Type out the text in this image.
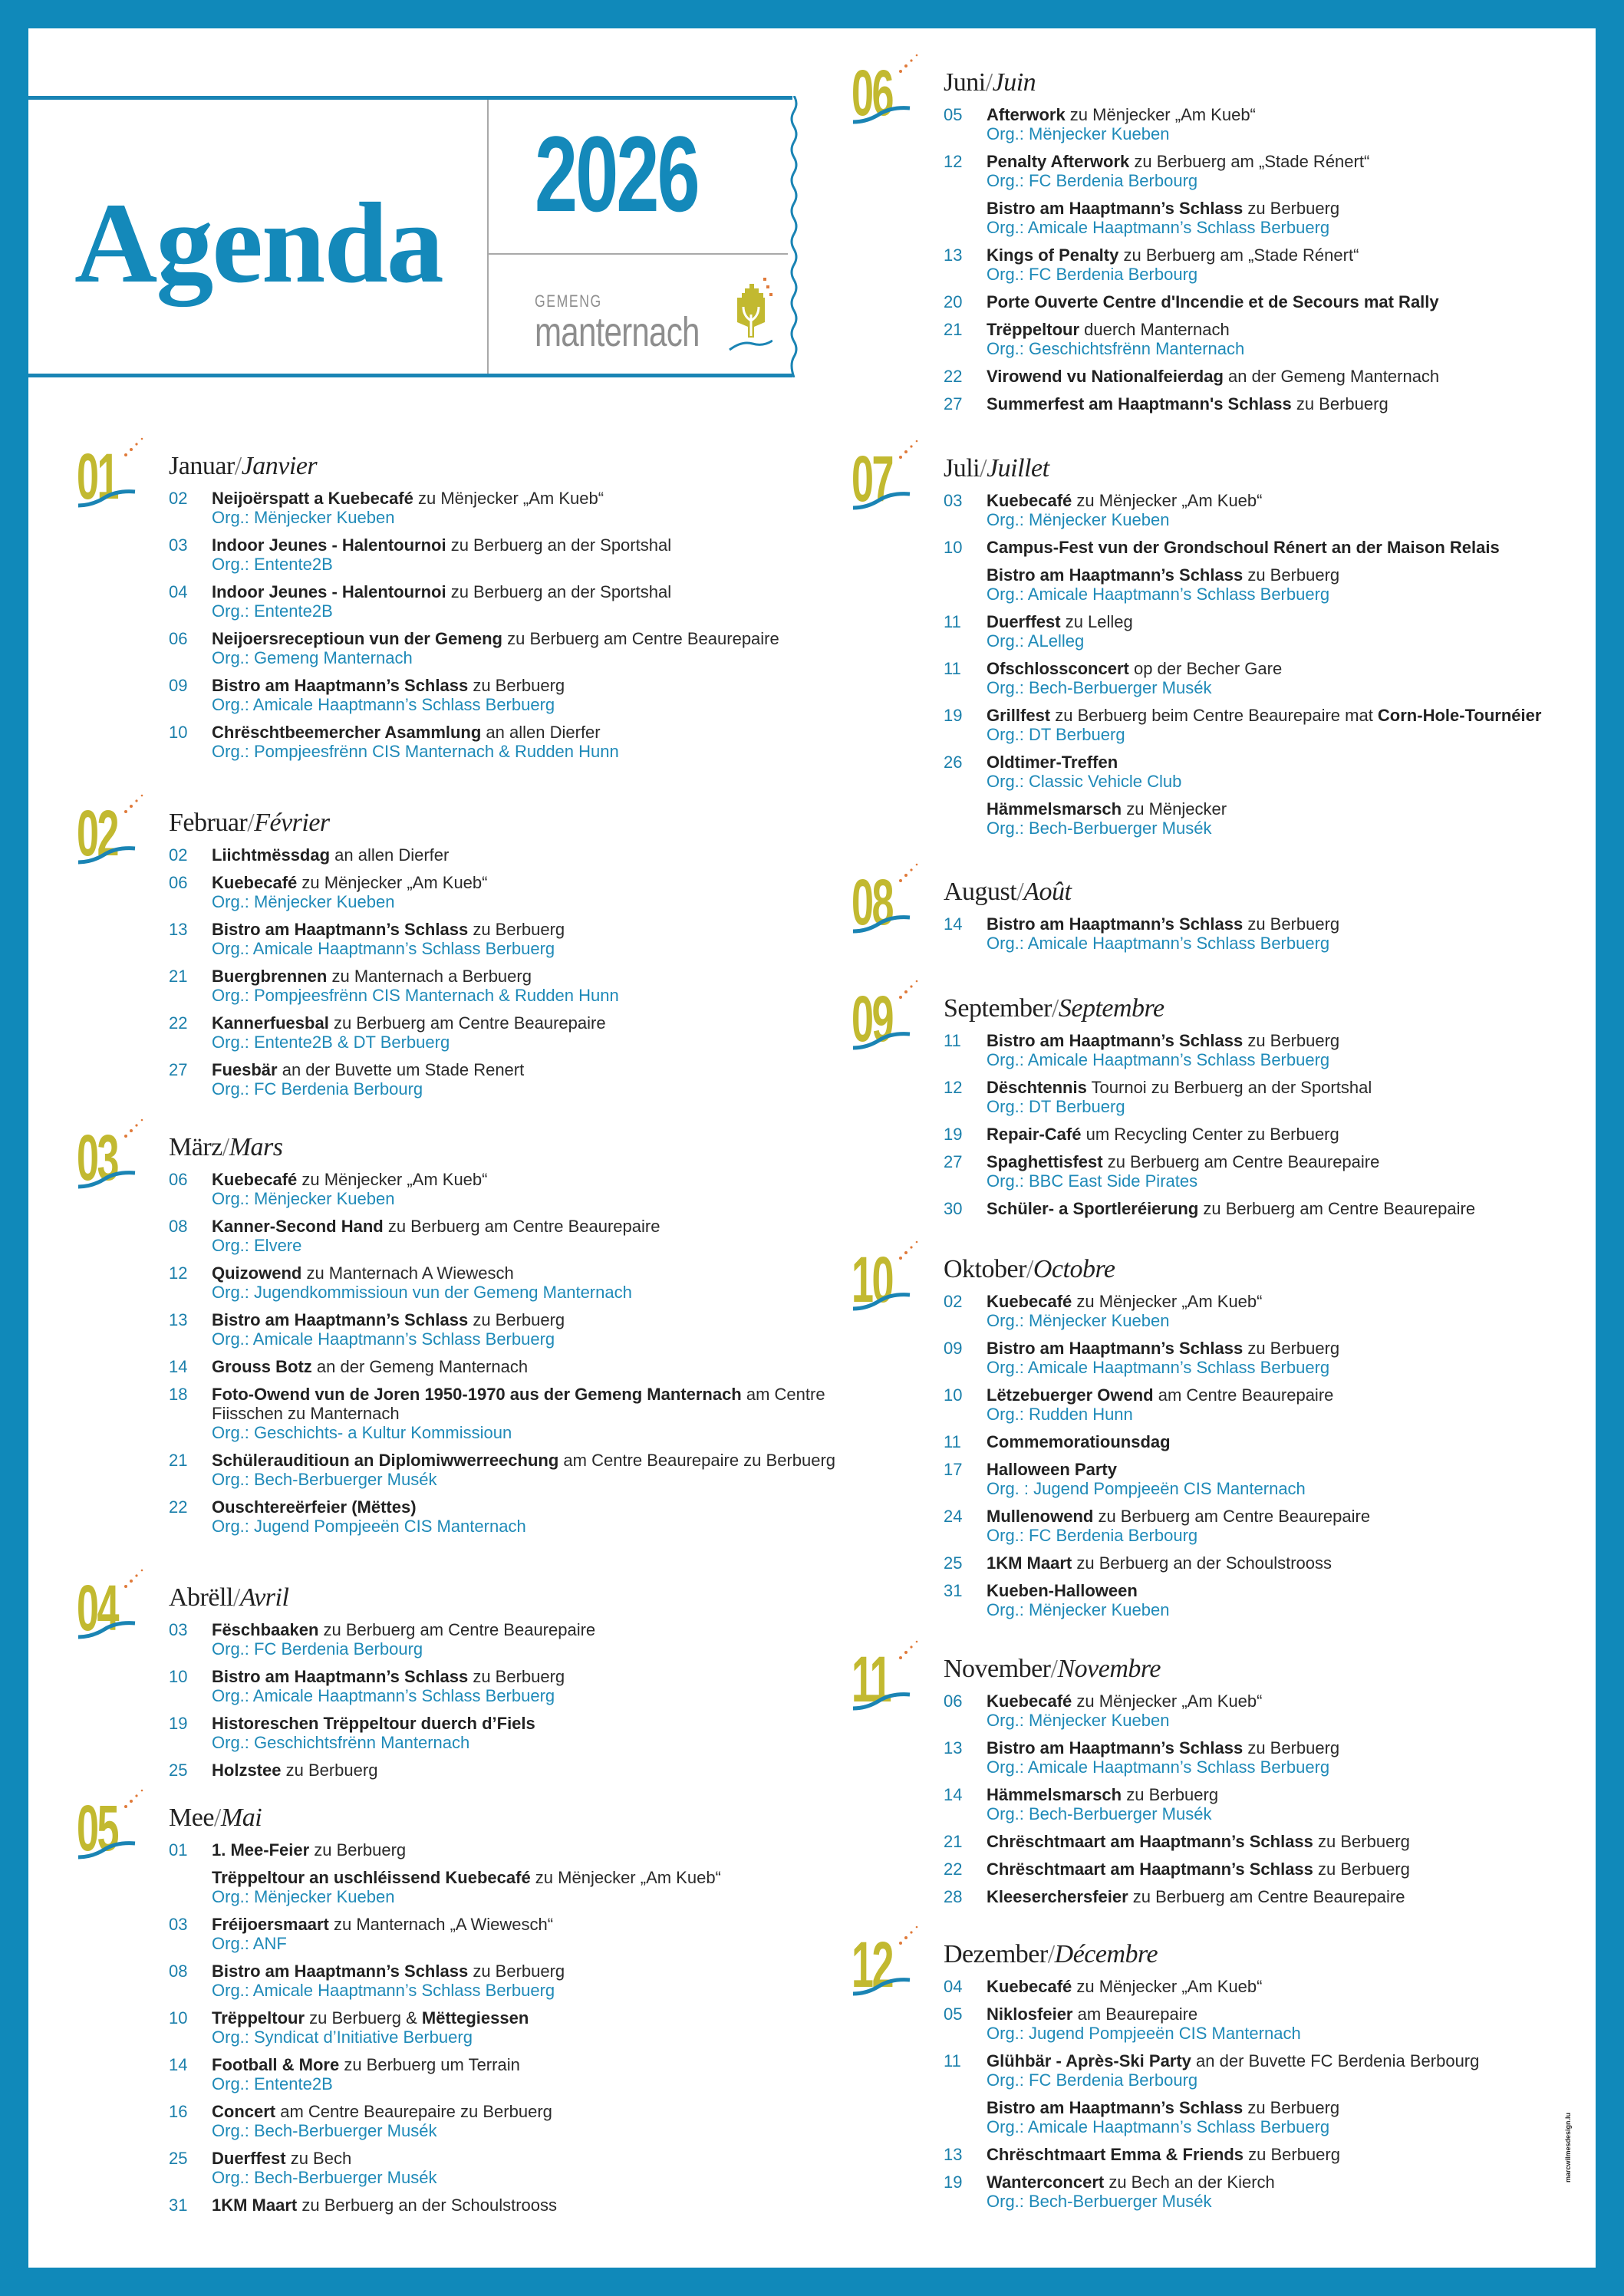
Agenda
2026
GEMENG
manternach
01 Januar/Janvier
02 Neijoërspatt a Kuebecafé zu Mënjecker „Am Kueb“
Org.: Mënjecker Kueben
03 Indoor Jeunes - Halentournoi zu Berbuerg an der Sportshal
Org.: Entente2B
04 Indoor Jeunes - Halentournoi zu Berbuerg an der Sportshal
Org.: Entente2B
06 Neijoersreceptioun vun der Gemeng zu Berbuerg am Centre Beaurepaire
Org.: Gemeng Manternach
09 Bistro am Haaptmann’s Schlass zu Berbuerg
Org.: Amicale Haaptmann’s Schlass Berbuerg
10 Chrëschtbeemercher Asammlung an allen Dierfer
Org.: Pompjeesfrënn CIS Manternach & Rudden Hunn
02 Februar/Février
02 Liichtmëssdag an allen Dierfer
06 Kuebecafé zu Mënjecker „Am Kueb“
Org.: Mënjecker Kueben
13 Bistro am Haaptmann’s Schlass zu Berbuerg
Org.: Amicale Haaptmann’s Schlass Berbuerg
21 Buergbrennen zu Manternach a Berbuerg
Org.: Pompjeesfrënn CIS Manternach & Rudden Hunn
22 Kannerfuesbal zu Berbuerg am Centre Beaurepaire
Org.: Entente2B & DT Berbuerg
27 Fuesbär an der Buvette um Stade Renert
Org.: FC Berdenia Berbourg
03 März/Mars
06 Kuebecafé zu Mënjecker „Am Kueb“
Org.: Mënjecker Kueben
08 Kanner-Second Hand zu Berbuerg am Centre Beaurepaire
Org.: Elvere
12 Quizowend zu Manternach A Wiewesch
Org.: Jugendkommissioun vun der Gemeng Manternach
13 Bistro am Haaptmann’s Schlass zu Berbuerg
Org.: Amicale Haaptmann’s Schlass Berbuerg
14 Grouss Botz an der Gemeng Manternach
18 Foto-Owend vun de Joren 1950-1970 aus der Gemeng Manternach am Centre Fiisschen zu Manternach
Org.: Geschichts- a Kultur Kommissioun
21 Schülerauditioun an Diplomiwwerreechung am Centre Beaurepaire zu Berbuerg
Org.: Bech-Berbuerger Musék
22 Ouschtereërfeier (Mëttes)
Org.: Jugend Pompjeeën CIS Manternach
04 Abrëll/Avril
03 Fëschbaaken zu Berbuerg am Centre Beaurepaire
Org.: FC Berdenia Berbourg
10 Bistro am Haaptmann’s Schlass zu Berbuerg
Org.: Amicale Haaptmann’s Schlass Berbuerg
19 Historeschen Trëppeltour duerch d’Fiels
Org.: Geschichtsfrënn Manternach
25 Holzstee zu Berbuerg
05 Mee/Mai
01 1. Mee-Feier zu Berbuerg
Trëppeltour an uschléissend Kuebecafé zu Mënjecker „Am Kueb“
Org.: Mënjecker Kueben
03 Fréijoersmaart zu Manternach „A Wiewesch“
Org.: ANF
08 Bistro am Haaptmann’s Schlass zu Berbuerg
Org.: Amicale Haaptmann’s Schlass Berbuerg
10 Trëppeltour zu Berbuerg & Mëttegiessen
Org.: Syndicat d’Initiative Berbuerg
14 Football & More zu Berbuerg um Terrain
Org.: Entente2B
16 Concert am Centre Beaurepaire zu Berbuerg
Org.: Bech-Berbuerger Musék
25 Duerffest zu Bech
Org.: Bech-Berbuerger Musék
31 1KM Maart zu Berbuerg an der Schoulstrooss
06 Juni/Juin
05 Afterwork zu Mënjecker „Am Kueb“
Org.: Mënjecker Kueben
12 Penalty Afterwork zu Berbuerg am „Stade Rénert“
Org.: FC Berdenia Berbourg
Bistro am Haaptmann’s Schlass zu Berbuerg
Org.: Amicale Haaptmann’s Schlass Berbuerg
13 Kings of Penalty zu Berbuerg am „Stade Rénert“
Org.: FC Berdenia Berbourg
20 Porte Ouverte Centre d'Incendie et de Secours mat Rally
21 Trëppeltour duerch Manternach
Org.: Geschichtsfrënn Manternach
22 Virowend vu Nationalfeierdag an der Gemeng Manternach
27 Summerfest am Haaptmann's Schlass zu Berbuerg
07 Juli/Juillet
03 Kuebecafé zu Mënjecker „Am Kueb“
Org.: Mënjecker Kueben
10 Campus-Fest vun der Grondschoul Rénert an der Maison Relais
Bistro am Haaptmann’s Schlass zu Berbuerg
Org.: Amicale Haaptmann’s Schlass Berbuerg
11 Duerffest zu Lelleg
Org.: ALelleg
11 Ofschlossconcert op der Becher Gare
Org.: Bech-Berbuerger Musék
19 Grillfest zu Berbuerg beim Centre Beaurepaire mat Corn-Hole-Tournéier
Org.: DT Berbuerg
26 Oldtimer-Treffen
Org.: Classic Vehicle Club
Hämmelsmarsch zu Mënjecker
Org.: Bech-Berbuerger Musék
08 August/Août
14 Bistro am Haaptmann’s Schlass zu Berbuerg
Org.: Amicale Haaptmann’s Schlass Berbuerg
09 September/Septembre
11 Bistro am Haaptmann’s Schlass zu Berbuerg
Org.: Amicale Haaptmann’s Schlass Berbuerg
12 Dëschtennis Tournoi zu Berbuerg an der Sportshal
Org.: DT Berbuerg
19 Repair-Café um Recycling Center zu Berbuerg
27 Spaghettisfest zu Berbuerg am Centre Beaurepaire
Org.: BBC East Side Pirates
30 Schüler- a Sportleréierung zu Berbuerg am Centre Beaurepaire
10 Oktober/Octobre
02 Kuebecafé zu Mënjecker „Am Kueb“
Org.: Mënjecker Kueben
09 Bistro am Haaptmann’s Schlass zu Berbuerg
Org.: Amicale Haaptmann’s Schlass Berbuerg
10 Lëtzebuerger Owend am Centre Beaurepaire
Org.: Rudden Hunn
11 Commemoratiounsdag
17 Halloween Party
Org. : Jugend Pompjeeën CIS Manternach
24 Mullenowend zu Berbuerg am Centre Beaurepaire
Org.: FC Berdenia Berbourg
25 1KM Maart zu Berbuerg an der Schoulstrooss
31 Kueben-Halloween
Org.: Mënjecker Kueben
11 November/Novembre
06 Kuebecafé zu Mënjecker „Am Kueb“
Org.: Mënjecker Kueben
13 Bistro am Haaptmann’s Schlass zu Berbuerg
Org.: Amicale Haaptmann’s Schlass Berbuerg
14 Hämmelsmarsch zu Berbuerg
Org.: Bech-Berbuerger Musék
21 Chrëschtmaart am Haaptmann’s Schlass zu Berbuerg
22 Chrëschtmaart am Haaptmann’s Schlass zu Berbuerg
28 Kleeserchersfeier zu Berbuerg am Centre Beaurepaire
12 Dezember/Décembre
04 Kuebecafé zu Mënjecker „Am Kueb“
05 Niklosfeier am Beaurepaire
Org.: Jugend Pompjeeën CIS Manternach
11 Glühbär - Après-Ski Party an der Buvette FC Berdenia Berbourg
Org.: FC Berdenia Berbourg
Bistro am Haaptmann’s Schlass zu Berbuerg
Org.: Amicale Haaptmann’s Schlass Berbuerg
13 Chrëschtmaart Emma & Friends zu Berbuerg
19 Wanterconcert zu Bech an der Kierch
Org.: Bech-Berbuerger Musék
marcwilmesdesign.lu
